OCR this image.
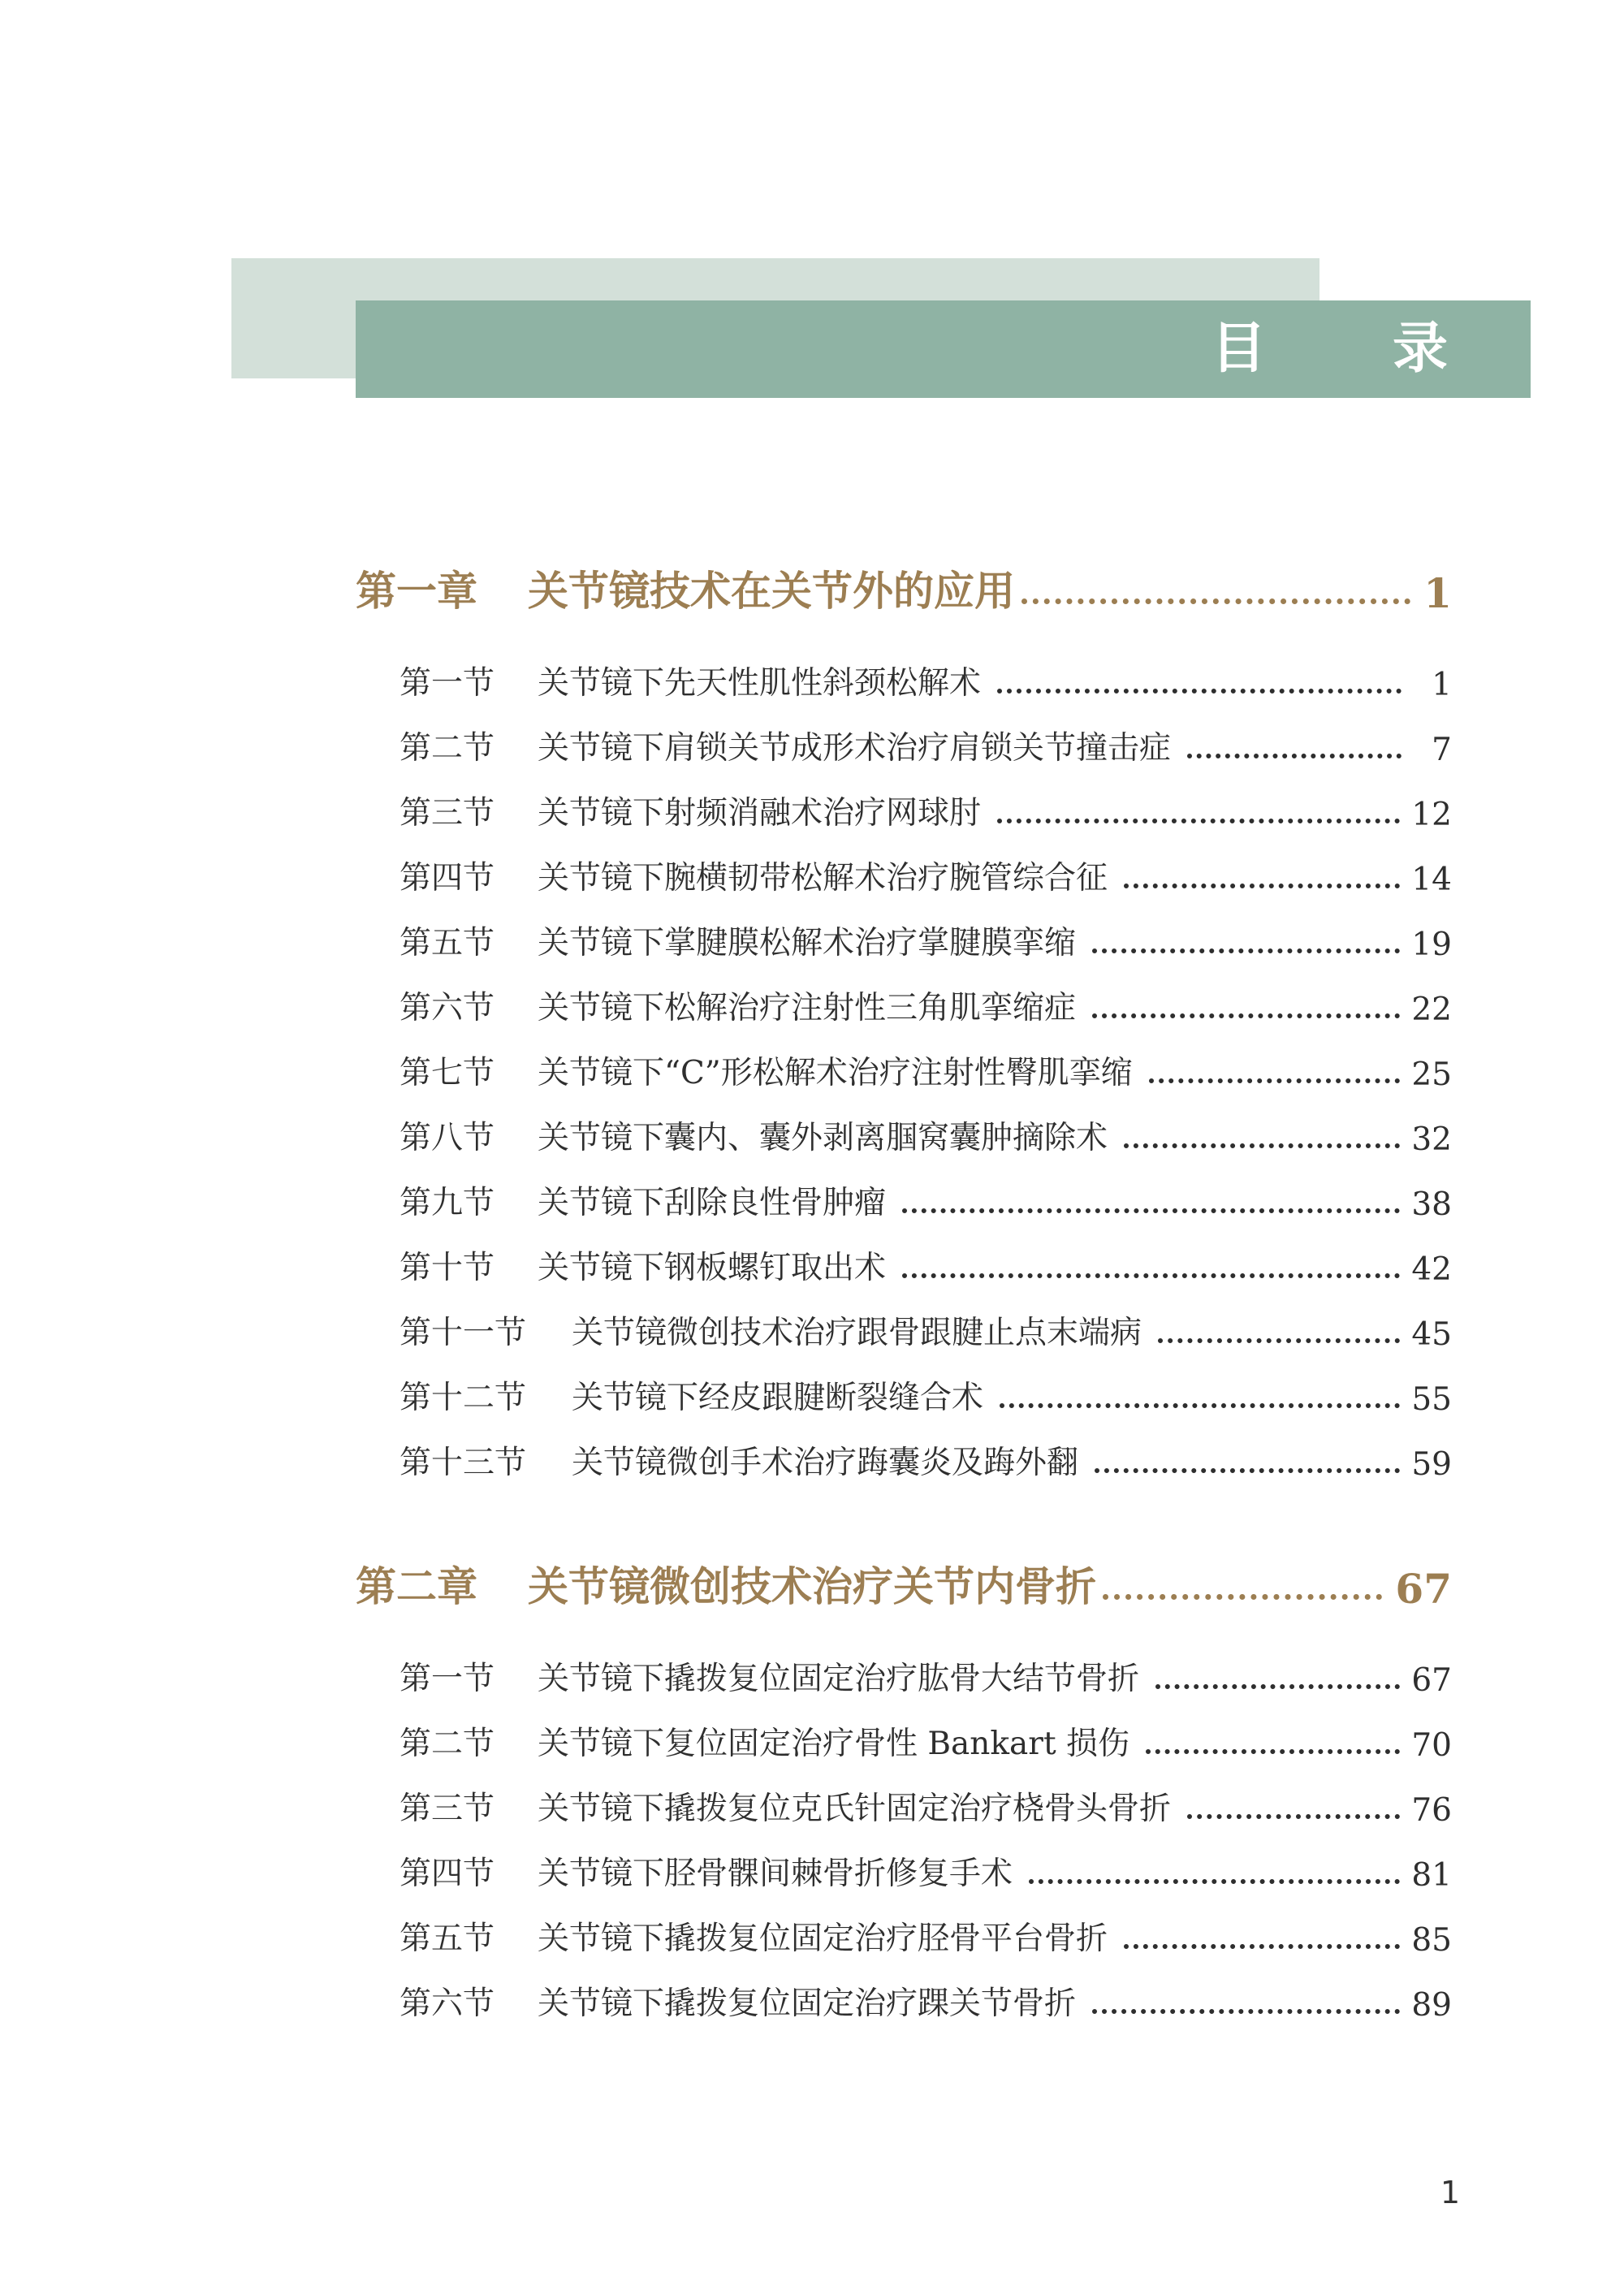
目 录
第一章	关节镜技术在关节外的应用	1
第一节	关节镜下先天性肌性斜颈松解术	1
第二节	关节镜下肩锁关节成形术治疗肩锁关节撞击症	7
第三节	关节镜下射频消融术治疗网球肘	12
第四节	关节镜下腕横韧带松解术治疗腕管综合征	14
第五节	关节镜下掌腱膜松解术治疗掌腱膜挛缩	19
第六节	关节镜下松解治疗注射性三角肌挛缩症	22
第七节	关节镜下“C”形松解术治疗注射性臀肌挛缩	25
第八节	关节镜下囊内、囊外剥离腘窝囊肿摘除术	32
第九节	关节镜下刮除良性骨肿瘤	38
第十节	关节镜下钢板螺钉取出术	42
第十一节	关节镜微创技术治疗跟骨跟腱止点末端病	45
第十二节	关节镜下经皮跟腱断裂缝合术	55
第十三节	关节镜微创手术治疗踇囊炎及踇外翻	59
第二章	关节镜微创技术治疗关节内骨折	67
第一节	关节镜下撬拨复位固定治疗肱骨大结节骨折	67
第二节	关节镜下复位固定治疗骨性 Bankart 损伤	70
第三节	关节镜下撬拨复位克氏针固定治疗桡骨头骨折	76
第四节	关节镜下胫骨髁间棘骨折修复手术	81
第五节	关节镜下撬拨复位固定治疗胫骨平台骨折	85
第六节	关节镜下撬拨复位固定治疗踝关节骨折	89
1
